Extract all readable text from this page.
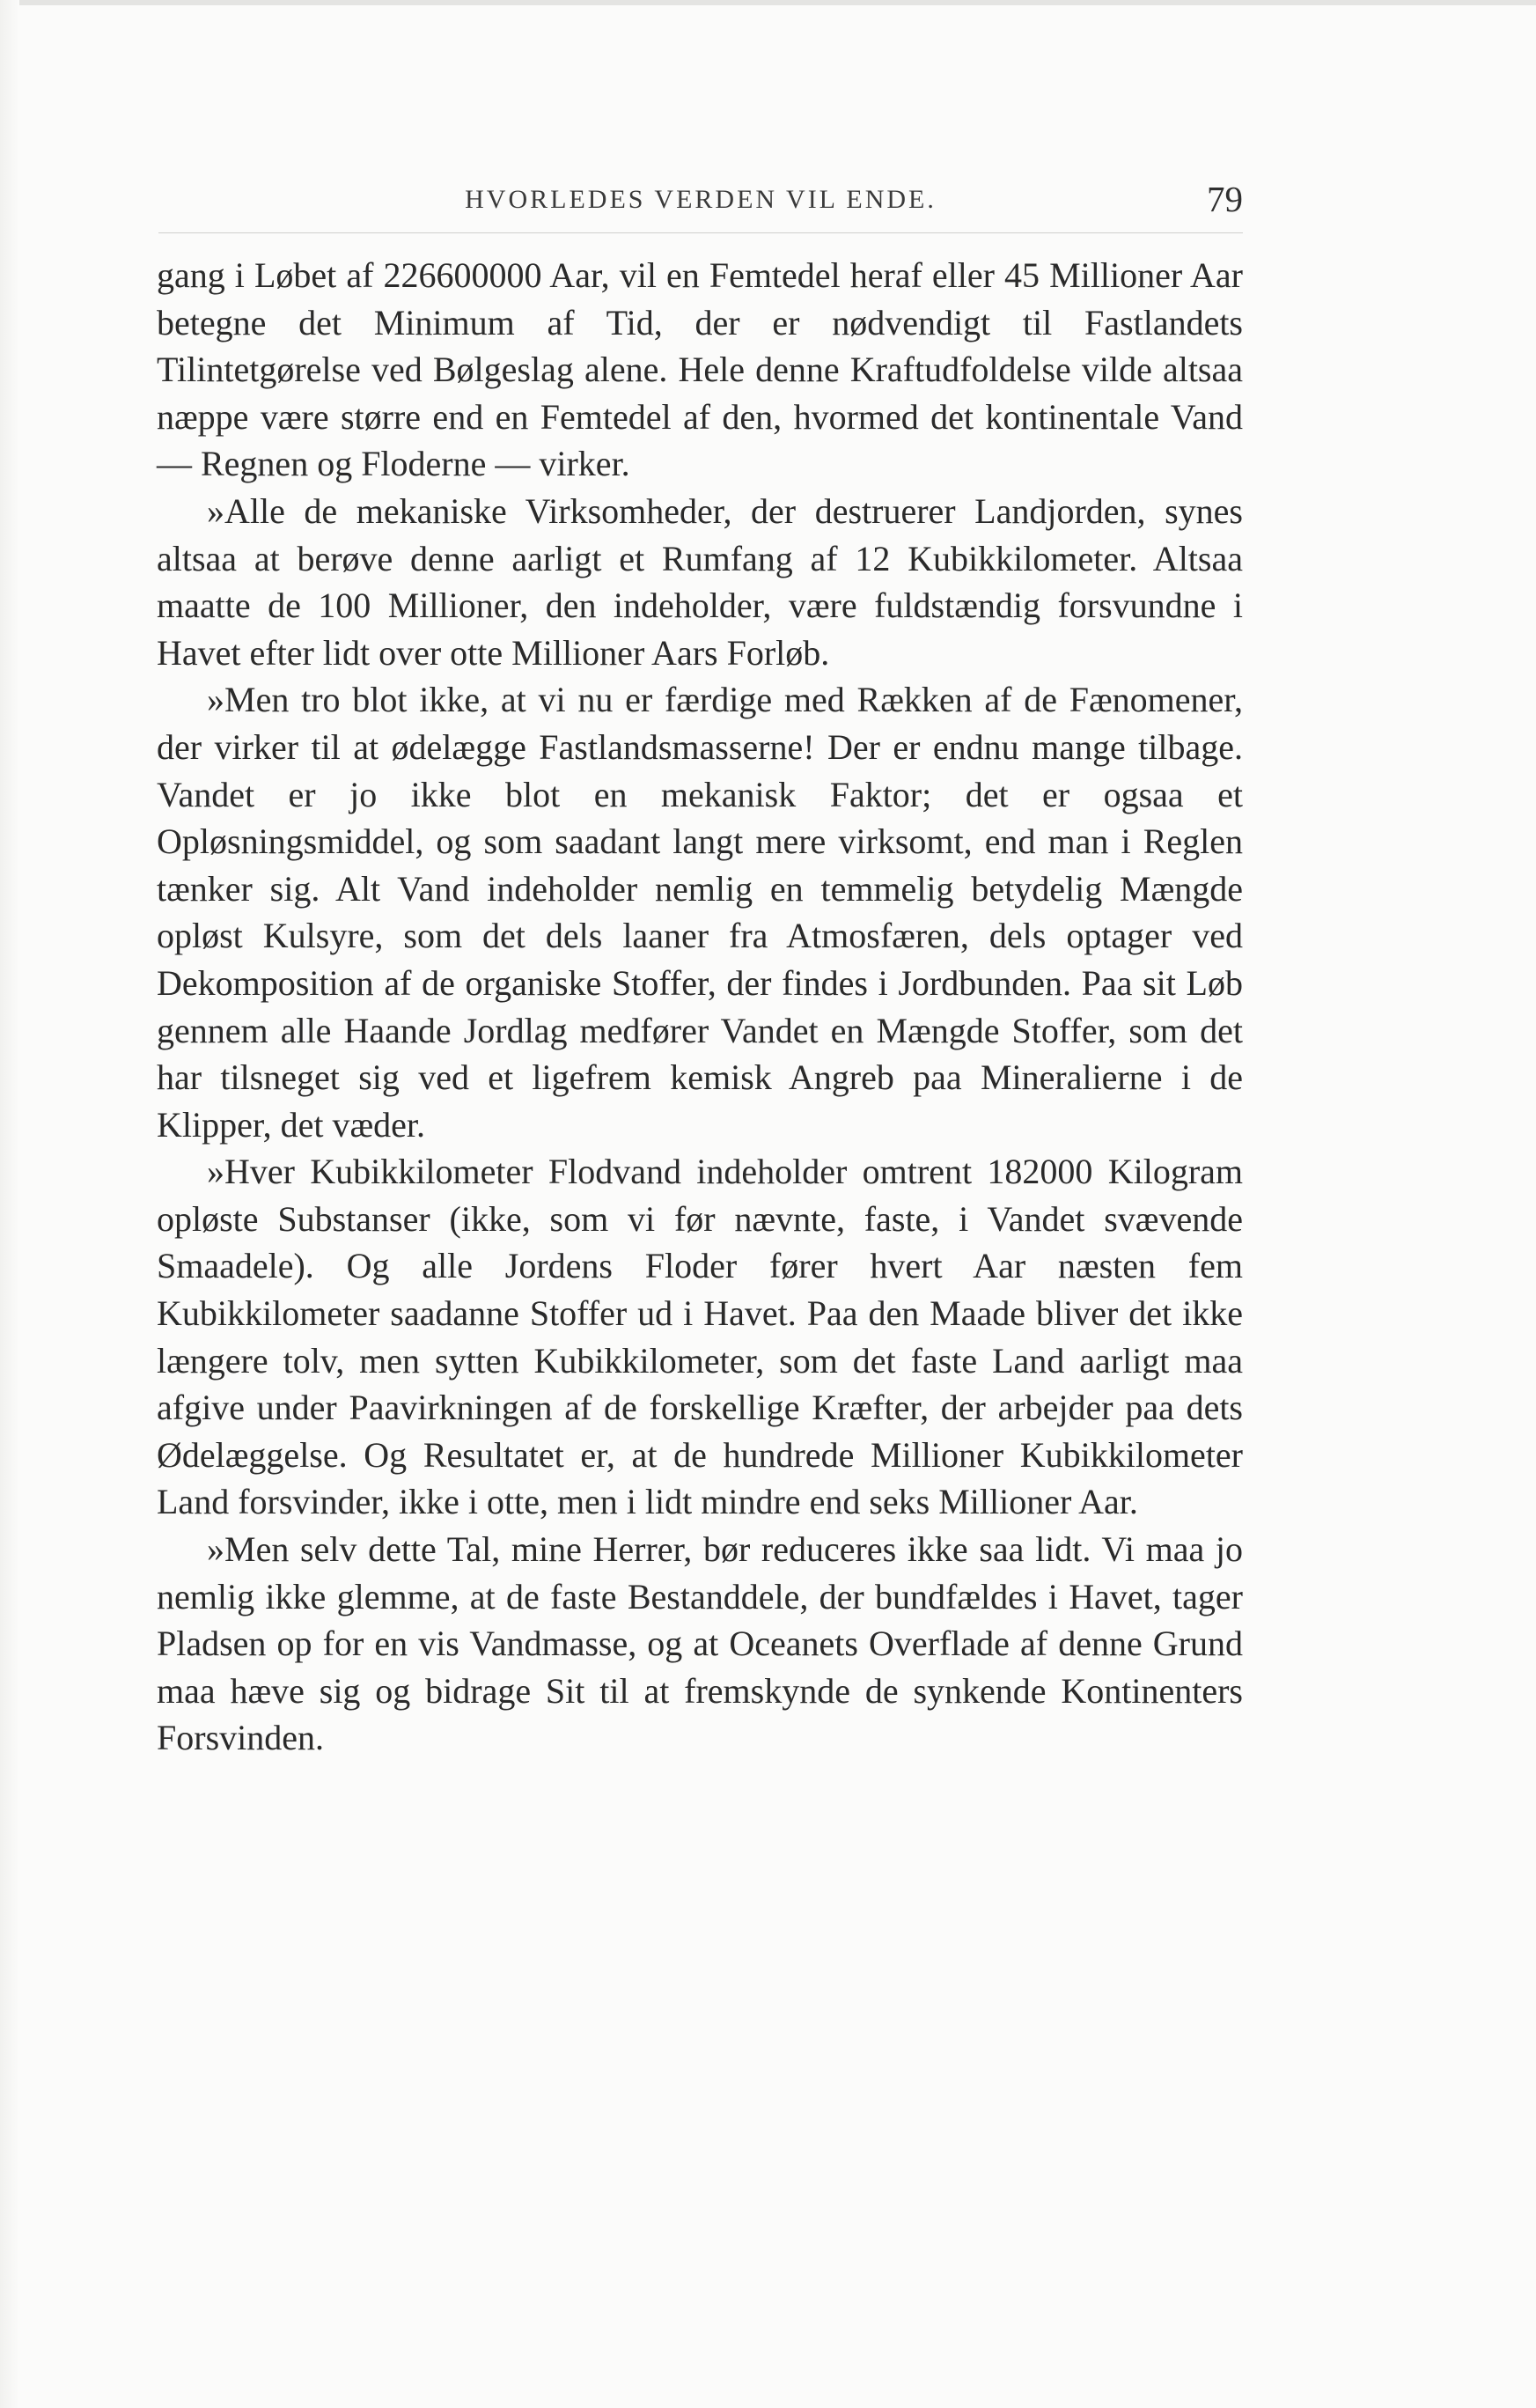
HVORLEDES VERDEN VIL ENDE.	79

gang i Løbet af 226600000 Aar, vil en Femtedel heraf eller 45 Millioner Aar betegne det Minimum af Tid, der er nødvendigt til Fastlandets Tilintetgørelse ved Bølgeslag alene. Hele denne Kraftudfoldelse vilde altsaa næppe være større end en Femtedel af den, hvormed det kontinentale Vand — Regnen og Floderne — virker.

»Alle de mekaniske Virksomheder, der destruerer Landjorden, synes altsaa at berøve denne aarligt et Rumfang af 12 Kubikkilometer. Altsaa maatte de 100 Millioner, den indeholder, være fuldstændig forsvundne i Havet efter lidt over otte Millioner Aars Forløb.

»Men tro blot ikke, at vi nu er færdige med Rækken af de Fænomener, der virker til at ødelægge Fastlandsmasserne! Der er endnu mange tilbage. Vandet er jo ikke blot en mekanisk Faktor; det er ogsaa et Opløsningsmiddel, og som saadant langt mere virksomt, end man i Reglen tænker sig. Alt Vand indeholder nemlig en temmelig betydelig Mængde opløst Kulsyre, som det dels laaner fra Atmosfæren, dels optager ved Dekomposition af de organiske Stoffer, der findes i Jordbunden. Paa sit Løb gennem alle Haande Jordlag medfører Vandet en Mængde Stoffer, som det har tilsneget sig ved et ligefrem kemisk Angreb paa Mineralierne i de Klipper, det væder.

»Hver Kubikkilometer Flodvand indeholder omtrent 182000 Kilogram opløste Substanser (ikke, som vi før nævnte, faste, i Vandet svævende Smaadele). Og alle Jordens Floder fører hvert Aar næsten fem Kubikkilometer saadanne Stoffer ud i Havet. Paa den Maade bliver det ikke længere tolv, men sytten Kubikkilometer, som det faste Land aarligt maa afgive under Paavirkningen af de forskellige Kræfter, der arbejder paa dets Ødelæggelse. Og Resultatet er, at de hundrede Millioner Kubikkilometer Land forsvinder, ikke i otte, men i lidt mindre end seks Millioner Aar.

»Men selv dette Tal, mine Herrer, bør reduceres ikke saa lidt. Vi maa jo nemlig ikke glemme, at de faste Bestanddele, der bundfældes i Havet, tager Pladsen op for en vis Vandmasse, og at Oceanets Overflade af denne Grund maa hæve sig og bidrage Sit til at fremskynde de synkende Kontinenters Forsvinden.
